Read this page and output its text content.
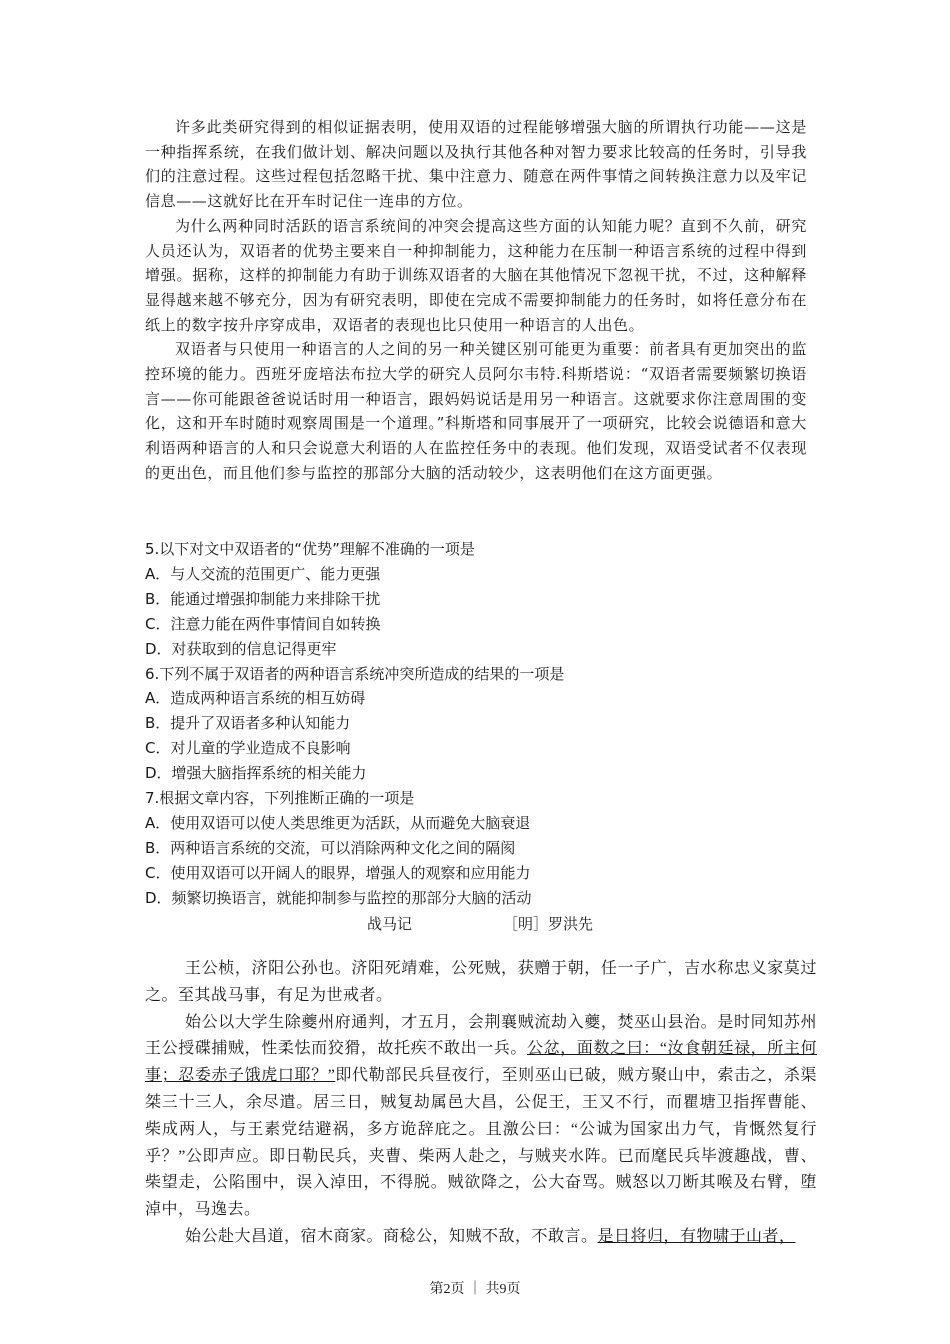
许多此类研究得到的相似证据表明，使用双语的过程能够增强大脑的所谓执行功能——这是一种指挥系统，在我们做计划、解决问题以及执行其他各种对智力要求比较高的任务时，引导我们的注意过程。这些过程包括忽略干扰、集中注意力、随意在两件事情之间转换注意力以及牢记信息——这就好比在开车时记住一连串的方位。

为什么两种同时活跃的语言系统间的冲突会提高这些方面的认知能力呢？直到不久前，研究人员还认为，双语者的优势主要来自一种抑制能力，这种能力在压制一种语言系统的过程中得到增强。据称，这样的抑制能力有助于训练双语者的大脑在其他情况下忽视干扰，不过，这种解释显得越来越不够充分，因为有研究表明，即使在完成不需要抑制能力的任务时，如将任意分布在纸上的数字按升序穿成串，双语者的表现也比只使用一种语言的人出色。

双语者与只使用一种语言的人之间的另一种关键区别可能更为重要：前者具有更加突出的监控环境的能力。西班牙庞培法布拉大学的研究人员阿尔韦特.科斯塔说：“双语者需要频繁切换语言——你可能跟爸爸说话时用一种语言，跟妈妈说话是用另一种语言。这就要求你注意周围的变化，这和开车时随时观察周围是一个道理。”科斯塔和同事展开了一项研究，比较会说德语和意大利语两种语言的人和只会说意大利语的人在监控任务中的表现。他们发现，双语受试者不仅表现的更出色，而且他们参与监控的那部分大脑的活动较少，这表明他们在这方面更强。

5.以下对文中双语者的“优势”理解不准确的一项是

A．与人交流的范围更广、能力更强

B．能通过增强抑制能力来排除干扰

C．注意力能在两件事情间自如转换

D．对获取到的信息记得更牢

6.下列不属于双语者的两种语言系统冲突所造成的结果的一项是

A．造成两种语言系统的相互妨碍

B．提升了双语者多种认知能力

C．对儿童的学业造成不良影响

D．增强大脑指挥系统的相关能力

7.根据文章内容，下列推断正确的一项是

A．使用双语可以使人类思维更为活跃，从而避免大脑衰退

B．两种语言系统的交流，可以消除两种文化之间的隔阂

C．使用双语可以开阔人的眼界，增强人的观察和应用能力

D．频繁切换语言，就能抑制参与监控的那部分大脑的活动

战马记	［明］罗洪先

王公桢，济阳公孙也。济阳死靖难，公死贼，获赠于朝，任一子广，吉水称忠义家莫过之。至其战马事，有足为世戒者。

始公以大学生除夔州府通判，才五月，会荆襄贼流劫入夔，焚巫山县治。是时同知苏州王公授碟捕贼，性柔怯而狡猾，故托疾不敢出一兵。公忿，面数之曰：“汝食朝廷禄，所主何事；忍委赤子饿虎口耶？”即代勒部民兵昼夜行，至则巫山已破，贼方聚山中，索击之，杀渠桀三十三人，余尽遣。居三日，贼复劫属邑大昌，公促王，王又不行，而瞿塘卫指挥曹能、柴成两人，与王素党结避祸，多方诡辞庇之。且激公曰：“公诚为国家出力气，肯慨然复行乎？”公即声应。即日勒民兵，夹曹、柴两人赴之，与贼夹水阵。已而麾民兵毕渡趣战，曹、柴望走，公陷围中，误入淖田，不得脱。贼欲降之，公大奋骂。贼怒以刀断其喉及右臂，堕淖中，马逸去。

始公赴大昌道，宿木商家。商稔公，知贼不敌，不敢言。是日将归，有物啸于山者，

第2页 ｜ 共9页
